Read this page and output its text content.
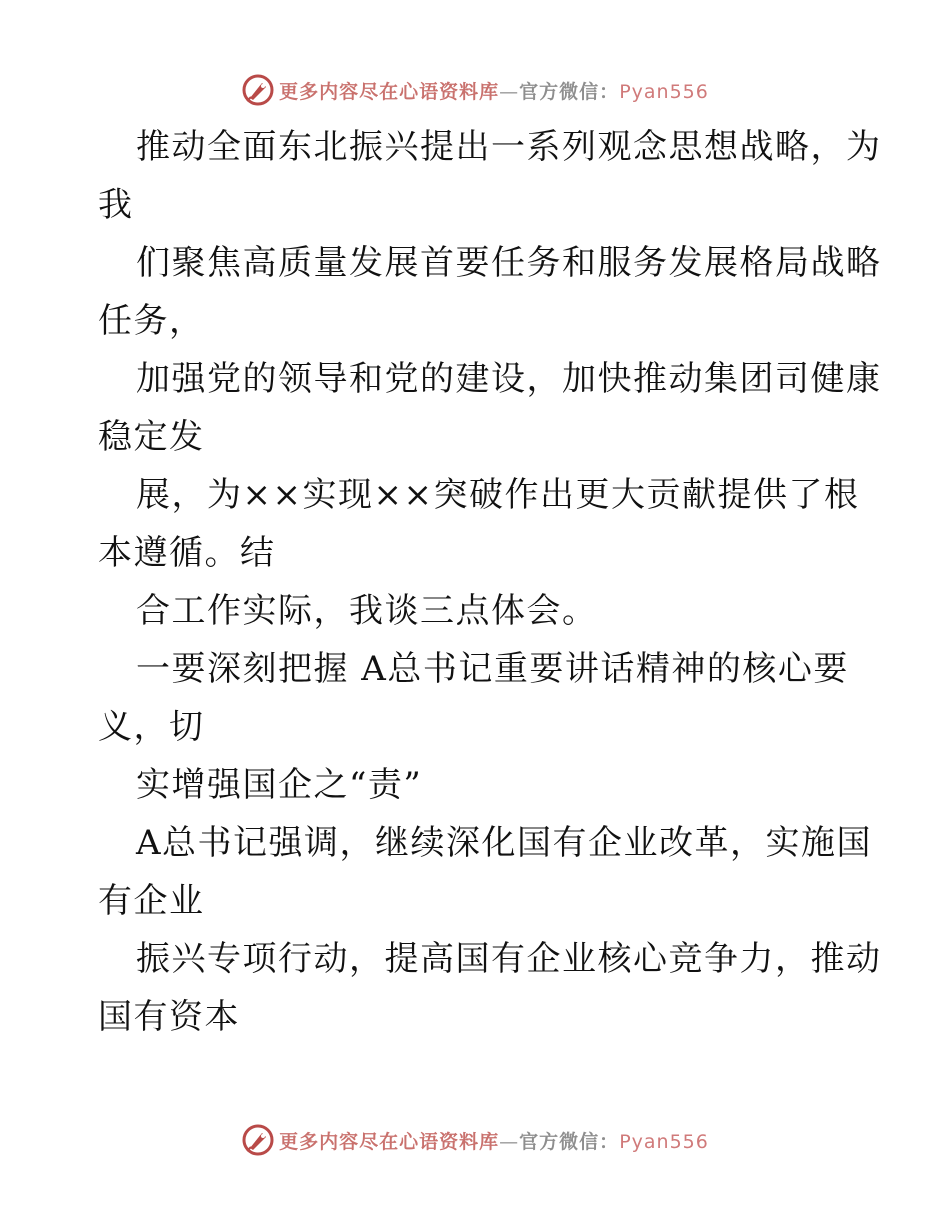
更多内容尽在心语资料库—官方微信：Pyan556
推动全面东北振兴提出一系列观念思想战略，为
我
们聚焦高质量发展首要任务和服务发展格局战略
任务，
加强党的领导和党的建设，加快推动集团司健康
稳定发
展，为××实现××突破作出更大贡献提供了根
本遵循。结
合工作实际，我谈三点体会。
一要深刻把握 A总书记重要讲话精神的核心要
义，切
实增强国企之“责”
A总书记强调，继续深化国有企业改革，实施国
有企业
振兴专项行动，提高国有企业核心竞争力，推动
国有资本
更多内容尽在心语资料库—官方微信：Pyan556
